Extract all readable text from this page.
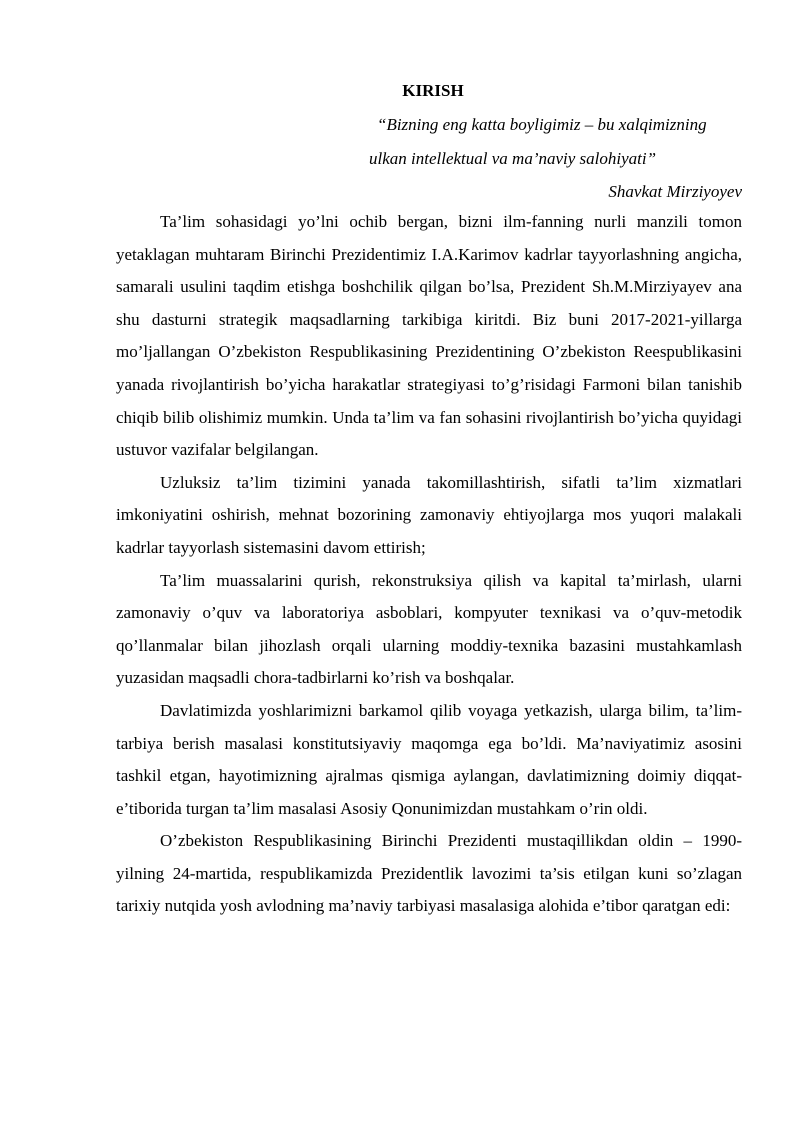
KIRISH
“Bizning eng katta boyligimiz – bu xalqimizning
ulkan intellektual va ma’naviy salohiyati”
Shavkat Mirziyoyev

Ta’lim sohasidagi yo’lni ochib bergan, bizni ilm-fanning nurli manzili tomon yetaklagan muhtaram Birinchi Prezidentimiz I.A.Karimov kadrlar tayyorlashning angicha, samarali usulini taqdim etishga boshchilik qilgan bo’lsa, Prezident Sh.M.Mirziyayev ana shu dasturni strategik maqsadlarning tarkibiga kiritdi. Biz buni 2017-2021-yillarga mo’ljallangan O’zbekiston Respublikasining Prezidentining O’zbekiston Reespublikasini yanada rivojlantirish bo’yicha harakatlar strategiyasi to’g’risidagi Farmoni bilan tanishib chiqib bilib olishimiz mumkin. Unda ta’lim va fan sohasini rivojlantirish bo’yicha quyidagi ustuvor vazifalar belgilangan.

Uzluksiz ta’lim tizimini yanada takomillashtirish, sifatli ta’lim xizmatlari imkoniyatini oshirish, mehnat bozorining zamonaviy ehtiyojlarga mos yuqori malakali kadrlar tayyorlash sistemasini davom ettirish;

Ta’lim muassalarini qurish, rekonstruksiya qilish va kapital ta’mirlash, ularni zamonaviy o’quv va laboratoriya asboblari, kompyuter texnikasi va o’quv-metodik qo’llanmalar bilan jihozlash orqali ularning moddiy-texnika bazasini mustahkamlash yuzasidan maqsadli chora-tadbirlarni ko’rish va boshqalar.

Davlatimizda yoshlarimizni barkamol qilib voyaga yetkazish, ularga bilim, ta’lim-tarbiya berish masalasi konstitutsiyaviy maqomga ega bo’ldi. Ma’naviyatimiz asosini tashkil etgan, hayotimizning ajralmas qismiga aylangan, davlatimizning doimiy diqqat-e’tiborida turgan ta’lim masalasi Asosiy Qonunimizdan mustahkam o’rin oldi.

O’zbekiston Respublikasining Birinchi Prezidenti mustaqillikdan oldin – 1990-yilning 24-martida, respublikamizda Prezidentlik lavozimi ta’sis etilgan kuni so’zlagan tarixiy nutqida yosh avlodning ma’naviy tarbiyasi masalasiga alohida e’tibor qaratgan edi:
